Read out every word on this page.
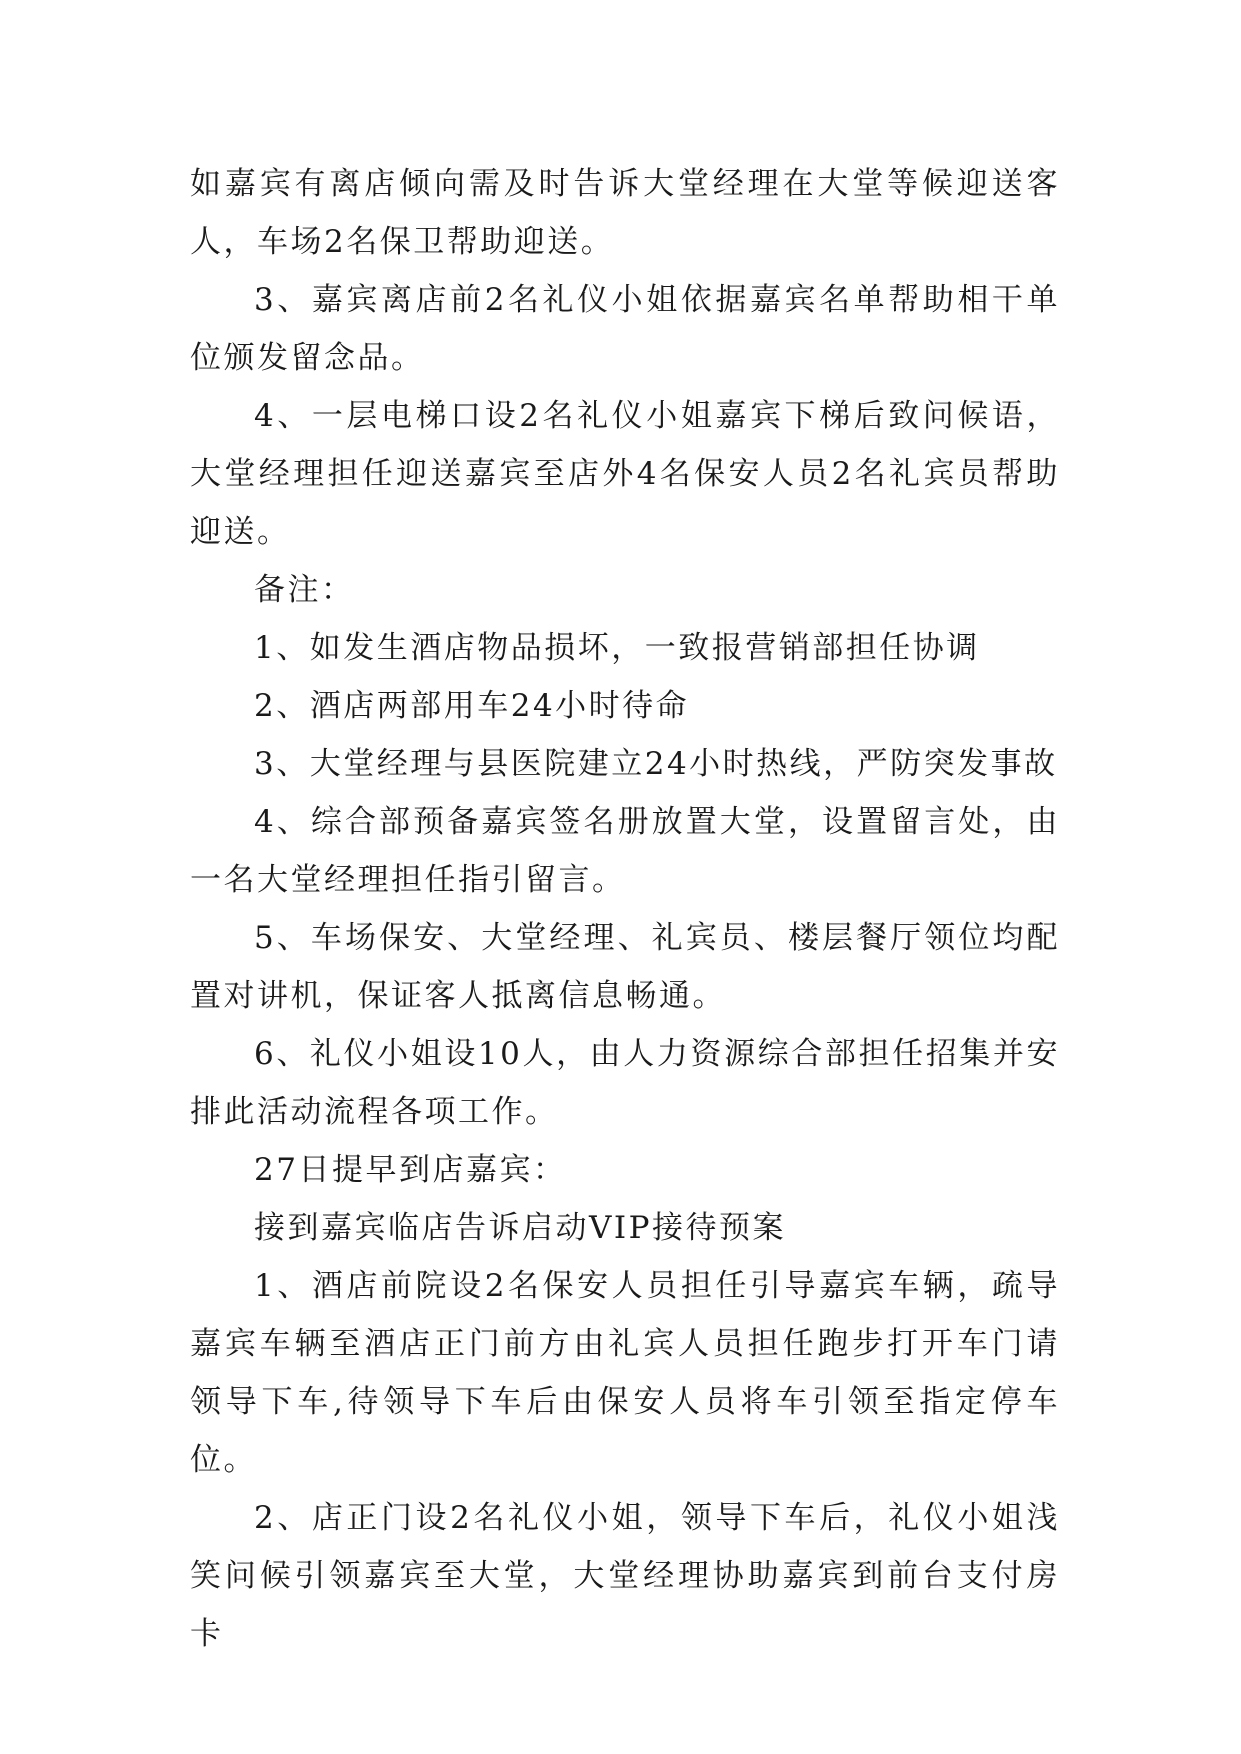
如嘉宾有离店倾向需及时告诉大堂经理在大堂等候迎送客人，车场2名保卫帮助迎送。

3、嘉宾离店前2名礼仪小姐依据嘉宾名单帮助相干单位颁发留念品。

4、一层电梯口设2名礼仪小姐嘉宾下梯后致问候语，大堂经理担任迎送嘉宾至店外4名保安人员2名礼宾员帮助迎送。

备注：

1、如发生酒店物品损坏，一致报营销部担任协调

2、酒店两部用车24小时待命

3、大堂经理与县医院建立24小时热线，严防突发事故

4、综合部预备嘉宾签名册放置大堂，设置留言处，由一名大堂经理担任指引留言。

5、车场保安、大堂经理、礼宾员、楼层餐厅领位均配置对讲机，保证客人抵离信息畅通。

6、礼仪小姐设10人，由人力资源综合部担任招集并安排此活动流程各项工作。

27日提早到店嘉宾：

接到嘉宾临店告诉启动VIP接待预案

1、酒店前院设2名保安人员担任引导嘉宾车辆，疏导嘉宾车辆至酒店正门前方由礼宾人员担任跑步打开车门请领导下车,待领导下车后由保安人员将车引领至指定停车位。

2、店正门设2名礼仪小姐，领导下车后，礼仪小姐浅笑问候引领嘉宾至大堂，大堂经理协助嘉宾到前台支付房卡
